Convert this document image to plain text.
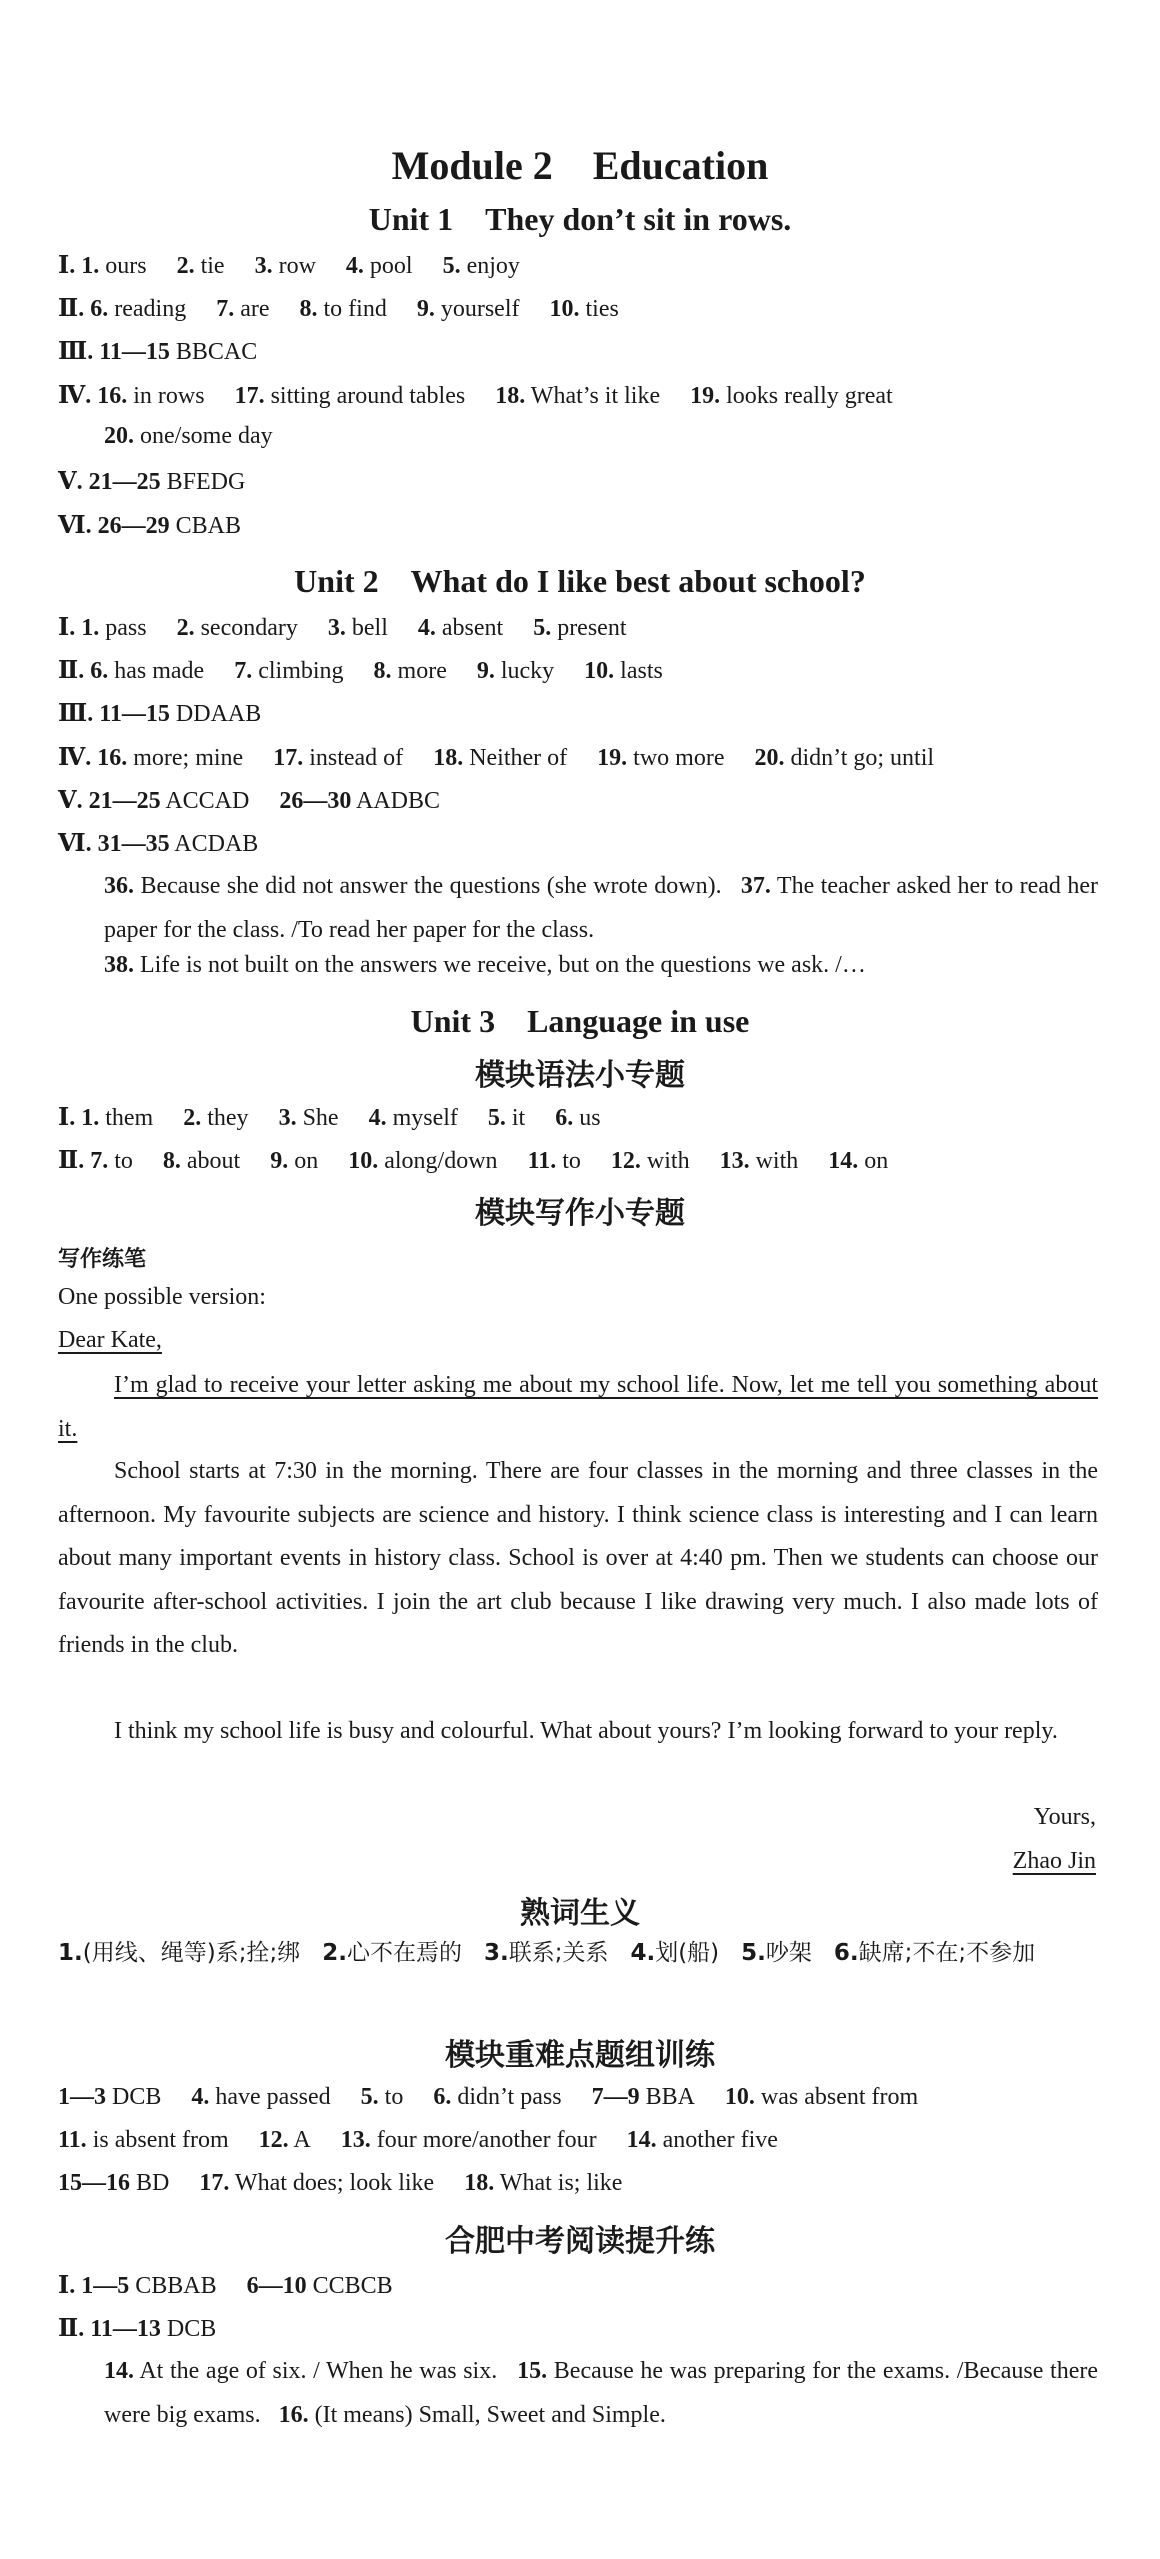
Module 2　Education
Unit 1　They don’t sit in rows.
Ⅰ. 1. ours  2. tie  3. row  4. pool  5. enjoy
Ⅱ. 6. reading  7. are  8. to find  9. yourself  10. ties
Ⅲ. 11—15 BBCAC
Ⅳ. 16. in rows  17. sitting around tables  18. What’s it like  19. looks really great
20. one/some day
Ⅴ. 21—25 BFEDG
Ⅵ. 26—29 CBAB
Unit 2　What do I like best about school?
Ⅰ. 1. pass  2. secondary  3. bell  4. absent  5. present
Ⅱ. 6. has made  7. climbing  8. more  9. lucky  10. lasts
Ⅲ. 11—15 DDAAB
Ⅳ. 16. more; mine  17. instead of  18. Neither of  19. two more  20. didn’t go; until
Ⅴ. 21—25 ACCAD  26—30 AADBC
Ⅵ. 31—35 ACDAB
36. Because she did not answer the questions (she wrote down). 37. The teacher asked her to read her paper for the class. /To read her paper for the class.
38. Life is not built on the answers we receive, but on the questions we ask. /…
Unit 3　Language in use
模块语法小专题
Ⅰ. 1. them  2. they  3. She  4. myself  5. it  6. us
Ⅱ. 7. to  8. about  9. on  10. along/down  11. to  12. with  13. with  14. on
模块写作小专题
写作练笔
One possible version:
Dear Kate,
I’m glad to receive your letter asking me about my school life. Now, let me tell you something about it.
School starts at 7:30 in the morning. There are four classes in the morning and three classes in the afternoon. My favourite subjects are science and history. I think science class is interesting and I can learn about many important events in history class. School is over at 4:40 pm. Then we students can choose our favourite after-school activities. I join the art club because I like drawing very much. I also made lots of friends in the club.
I think my school life is busy and colourful. What about yours? I’m looking forward to your reply.
Yours,
Zhao Jin
熟词生义
1.(用线、绳等)系;拴;绑 2.心不在焉的 3.联系;关系 4.划(船) 5.吵架 6.缺席;不在;不参加
模块重难点题组训练
1—3 DCB  4. have passed  5. to  6. didn’t pass  7—9 BBA  10. was absent from
11. is absent from  12. A  13. four more/another four  14. another five
15—16 BD  17. What does; look like  18. What is; like
合肥中考阅读提升练
Ⅰ. 1—5 CBBAB  6—10 CCBCB
Ⅱ. 11—13 DCB
14. At the age of six. / When he was six. 15. Because he was preparing for the exams. /Because there were big exams. 16. (It means) Small, Sweet and Simple.
